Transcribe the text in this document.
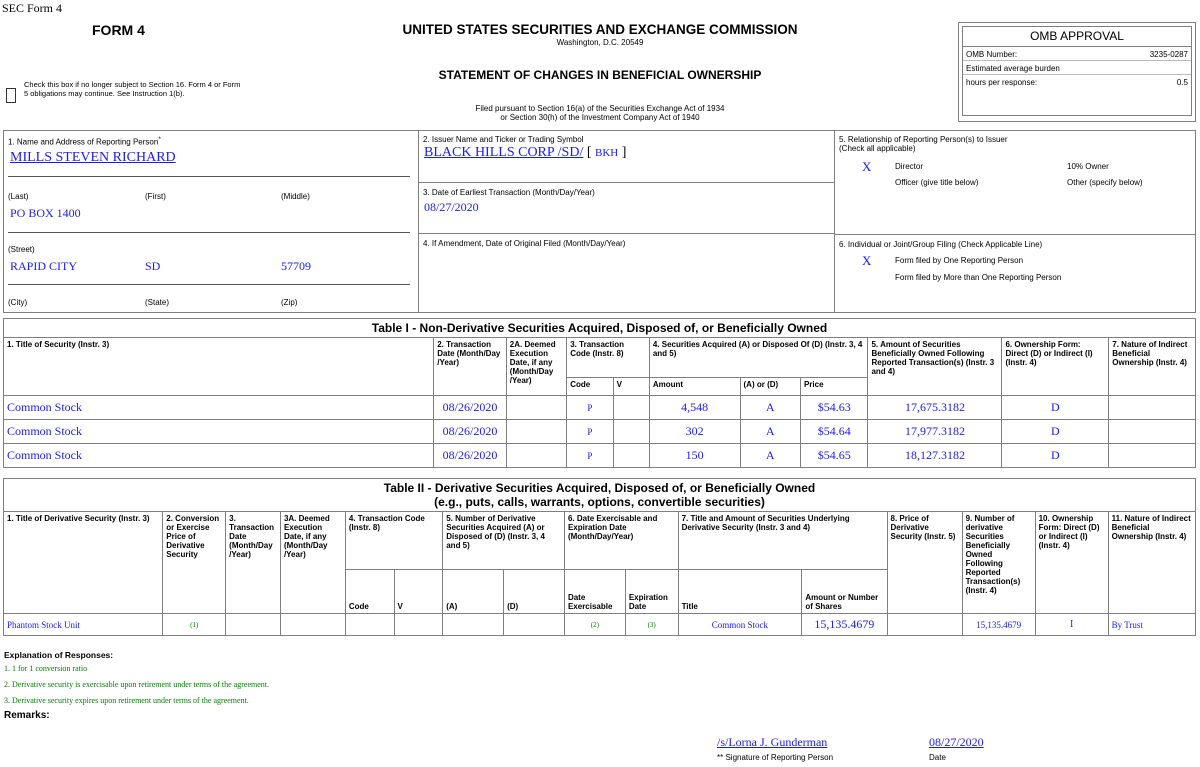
SEC Form 4
FORM 4
Check this box if no longer subject to Section 16. Form 4 or Form 5 obligations may continue. See Instruction 1(b).
UNITED STATES SECURITIES AND EXCHANGE COMMISSION
Washington, D.C. 20549
STATEMENT OF CHANGES IN BENEFICIAL OWNERSHIP
Filed pursuant to Section 16(a) of the Securities Exchange Act of 1934
or Section 30(h) of the Investment Company Act of 1940
OMB APPROVAL
OMB Number:	3235-0287
Estimated average burden
hours per response:	0.5
1. Name and Address of Reporting Person*
MILLS STEVEN RICHARD
(Last)	(First)	(Middle)
PO BOX 1400
(Street)
RAPID CITY	SD	57709
(City)	(State)	(Zip)
2. Issuer Name and Ticker or Trading Symbol
BLACK HILLS CORP /SD/ [ BKH ]
3. Date of Earliest Transaction (Month/Day/Year)
08/27/2020
4. If Amendment, Date of Original Filed (Month/Day/Year)
5. Relationship of Reporting Person(s) to Issuer
(Check all applicable)
X	Director	10% Owner
Officer (give title below)	Other (specify below)
6. Individual or Joint/Group Filing (Check Applicable Line)
X	Form filed by One Reporting Person
Form filed by More than One Reporting Person
Table I - Non-Derivative Securities Acquired, Disposed of, or Beneficially Owned										
1. Title of Security (Instr. 3)	2. Transaction Date (Month/Day /Year)	2A. Deemed Execution Date, if any (Month/Day /Year)	3. Transaction Code (Instr. 8)		4. Securities Acquired (A) or Disposed Of (D) (Instr. 3, 4 and 5)			5. Amount of Securities Beneficially Owned Following Reported Transaction(s) (Instr. 3 and 4)	6. Ownership Form: Direct (D) or Indirect (I) (Instr. 4)	7. Nature of Indirect Beneficial Ownership (Instr. 4)
			Code	V	Amount	(A) or (D)	Price			
Common Stock	08/26/2020		P		4,548	A	$54.63	17,675.3182	D	
Common Stock	08/26/2020		P		302	A	$54.64	17,977.3182	D	
Common Stock	08/26/2020		P		150	A	$54.65	18,127.3182	D	
Table II - Derivative Securities Acquired, Disposed of, or Beneficially Owned
(e.g., puts, calls, warrants, options, convertible securities)															

1. Title of Derivative Security (Instr. 3)	2. Conversion or Exercise Price of Derivative Security	3. Transaction Date (Month/Day /Year)	3A. Deemed Execution Date, if any (Month/Day /Year)	4. Transaction Code (Instr. 8)		5. Number of Derivative Securities Acquired (A) or Disposed of (D) (Instr. 3, 4 and 5)		6. Date Exercisable and Expiration Date (Month/Day/Year)		7. Title and Amount of Securities Underlying Derivative Security (Instr. 3 and 4)		8. Price of Derivative Security (Instr. 5)	9. Number of derivative Securities Beneficially Owned Following Reported Transaction(s) (Instr. 4)	10. Ownership Form: Direct (D) or Indirect (I) (Instr. 4)	11. Nature of Indirect Beneficial Ownership (Instr. 4)
				Code	V	(A)	(D)	Date Exercisable	Expiration Date	Title	Amount or Number of Shares				
Phantom Stock Unit	(1)							(2)	(3)	Common Stock	15,135.4679		15,135.4679	I	By Trust
Explanation of Responses:
1. 1 for 1 conversion ratio
2. Derivative security is exercisable upon retirement under terms of the agreement.
3. Derivative security expires upon retirement under terms of the agreement.
Remarks:
/s/Lorna J. Gunderman	08/27/2020
** Signature of Reporting Person	Date
